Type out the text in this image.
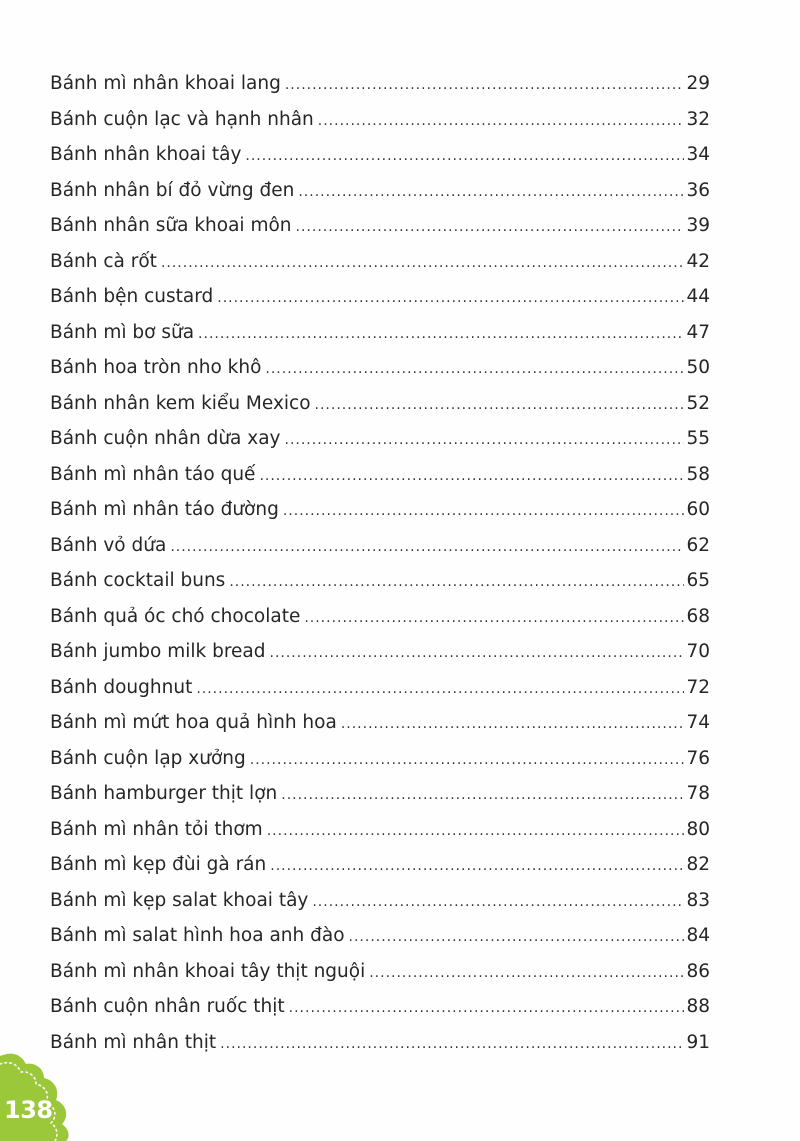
Bánh mì nhân khoai lang .....	29
Bánh cuộn lạc và hạnh nhân .....	32
Bánh nhân khoai tây .....	34
Bánh nhân bí đỏ vừng đen .....	36
Bánh nhân sữa khoai môn .....	39
Bánh cà rốt .....	42
Bánh bện custard .....	44
Bánh mì bơ sữa .....	47
Bánh hoa tròn nho khô .....	50
Bánh nhân kem kiểu Mexico .....	52
Bánh cuộn nhân dừa xay .....	55
Bánh mì nhân táo quế .....	58
Bánh mì nhân táo đường .....	60
Bánh vỏ dứa .....	62
Bánh cocktail buns .....	65
Bánh quả óc chó chocolate .....	68
Bánh jumbo milk bread .....	70
Bánh doughnut .....	72
Bánh mì mứt hoa quả hình hoa .....	74
Bánh cuộn lạp xưởng .....	76
Bánh hamburger thịt lợn .....	78
Bánh mì nhân tỏi thơm .....	80
Bánh mì kẹp đùi gà rán .....	82
Bánh mì kẹp salat khoai tây .....	83
Bánh mì salat hình hoa anh đào .....	84
Bánh mì nhân khoai tây thịt nguội .....	86
Bánh cuộn nhân ruốc thịt .....	88
Bánh mì nhân thịt .....	91
138
